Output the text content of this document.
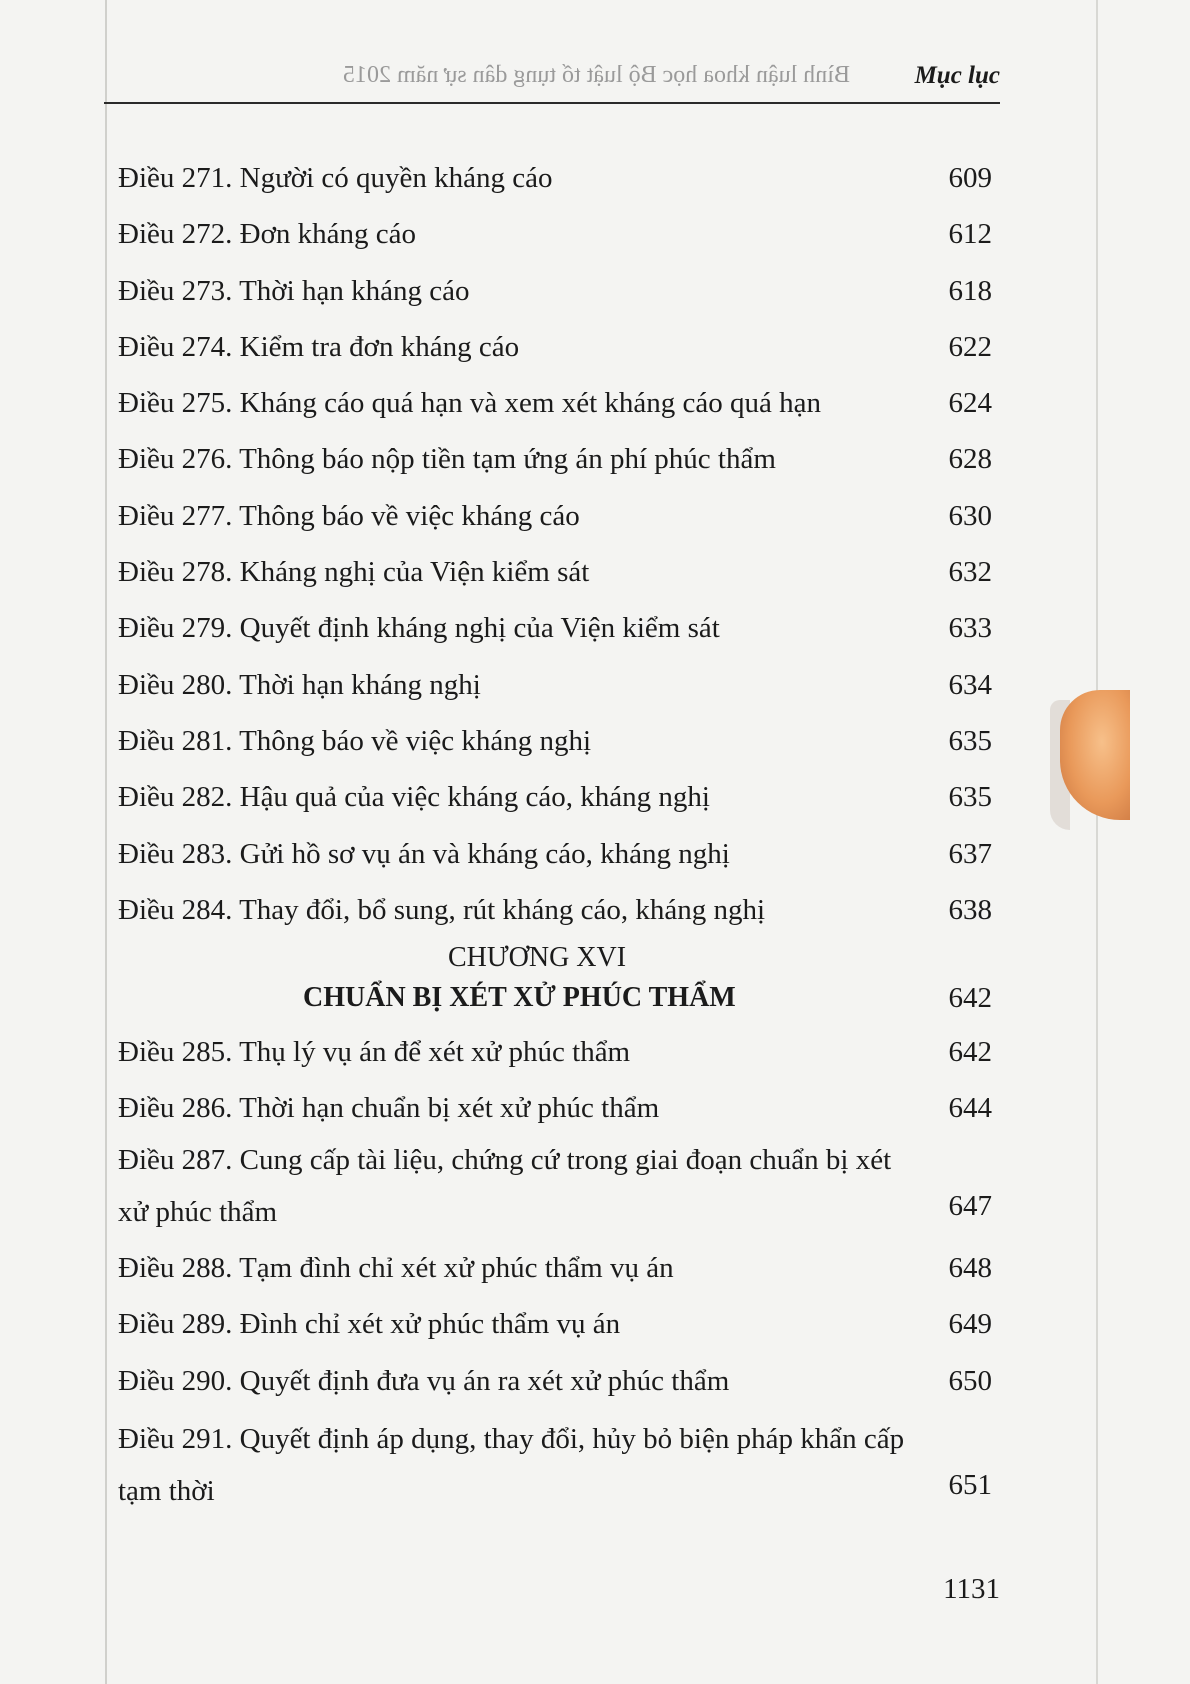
Bình luận khoa học Bộ luật tố tụng dân sự năm 2015	Mục lục
Điều 271. Người có quyền kháng cáo	609
Điều 272. Đơn kháng cáo	612
Điều 273. Thời hạn kháng cáo	618
Điều 274. Kiểm tra đơn kháng cáo	622
Điều 275. Kháng cáo quá hạn và xem xét kháng cáo quá hạn	624
Điều 276. Thông báo nộp tiền tạm ứng án phí phúc thẩm	628
Điều 277. Thông báo về việc kháng cáo	630
Điều 278. Kháng nghị của Viện kiểm sát	632
Điều 279. Quyết định kháng nghị của Viện kiểm sát	633
Điều 280. Thời hạn kháng nghị	634
Điều 281. Thông báo về việc kháng nghị	635
Điều 282. Hậu quả của việc kháng cáo, kháng nghị	635
Điều 283. Gửi hồ sơ vụ án và kháng cáo, kháng nghị	637
Điều 284. Thay đổi, bổ sung, rút kháng cáo, kháng nghị	638
CHƯƠNG XVI
CHUẨN BỊ XÉT XỬ PHÚC THẨM	642
Điều 285. Thụ lý vụ án để xét xử phúc thẩm	642
Điều 286. Thời hạn chuẩn bị xét xử phúc thẩm	644
Điều 287. Cung cấp tài liệu, chứng cứ trong giai đoạn chuẩn bị xét xử phúc thẩm	647
Điều 288. Tạm đình chỉ xét xử phúc thẩm vụ án	648
Điều 289. Đình chỉ xét xử phúc thẩm vụ án	649
Điều 290. Quyết định đưa vụ án ra xét xử phúc thẩm	650
Điều 291. Quyết định áp dụng, thay đổi, hủy bỏ biện pháp khẩn cấp tạm thời	651
1131
